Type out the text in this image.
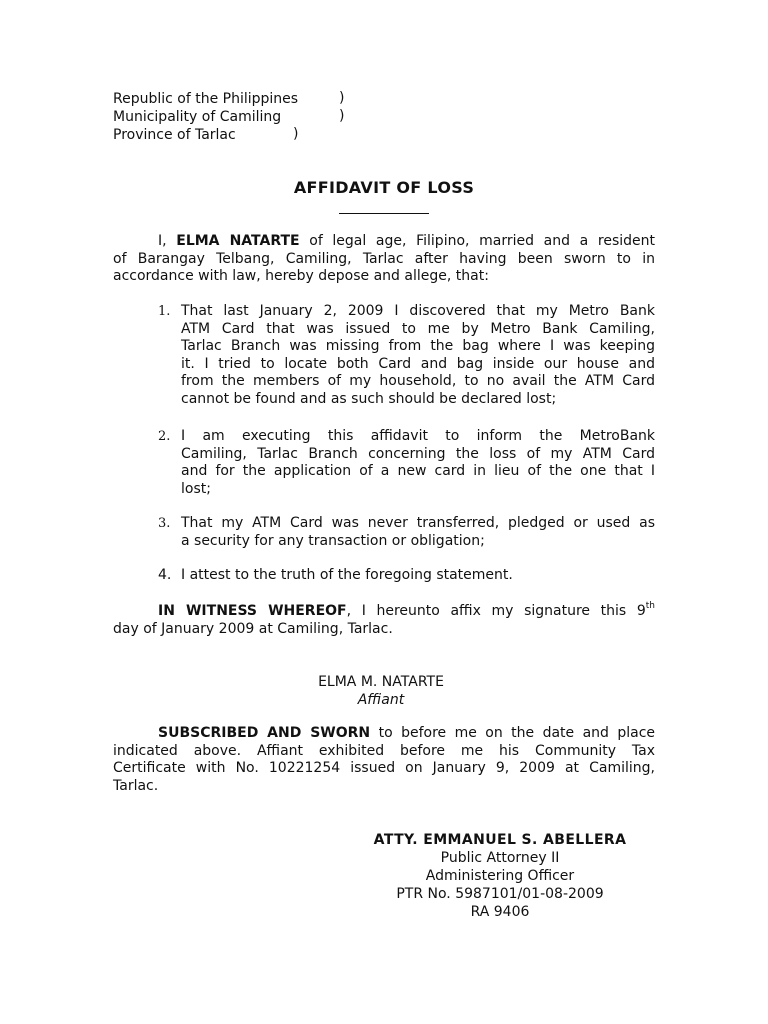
Republic of the Philippines	)
Municipality of Camiling	)
Province of Tarlac	)
AFFIDAVIT OF LOSS
I, ELMA NATARTE of legal age, Filipino, married and a resident
of Barangay Telbang, Camiling, Tarlac after having been sworn to in
accordance with law, hereby depose and allege, that:
1. That last January 2, 2009 I discovered that my Metro Bank
ATM Card that was issued to me by Metro Bank Camiling,
Tarlac Branch was missing from the bag where I was keeping
it. I tried to locate both Card and bag inside our house and
from the members of my household, to no avail the ATM Card
cannot be found and as such should be declared lost;
2. I am executing this affidavit to inform the MetroBank
Camiling, Tarlac Branch concerning the loss of my ATM Card
and for the application of a new card in lieu of the one that I
lost;
3. That my ATM Card was never transferred, pledged or used as
a security for any transaction or obligation;
4. I attest to the truth of the foregoing statement.
IN WITNESS WHEREOF, I hereunto affix my signature this 9th
day of January 2009 at Camiling, Tarlac.
ELMA M. NATARTE
Affiant
SUBSCRIBED AND SWORN to before me on the date and place
indicated above. Affiant exhibited before me his Community Tax
Certificate with No. 10221254 issued on January 9, 2009 at Camiling,
Tarlac.
ATTY. EMMANUEL S. ABELLERA
Public Attorney II
Administering Officer
PTR No. 5987101/01-08-2009
RA 9406
